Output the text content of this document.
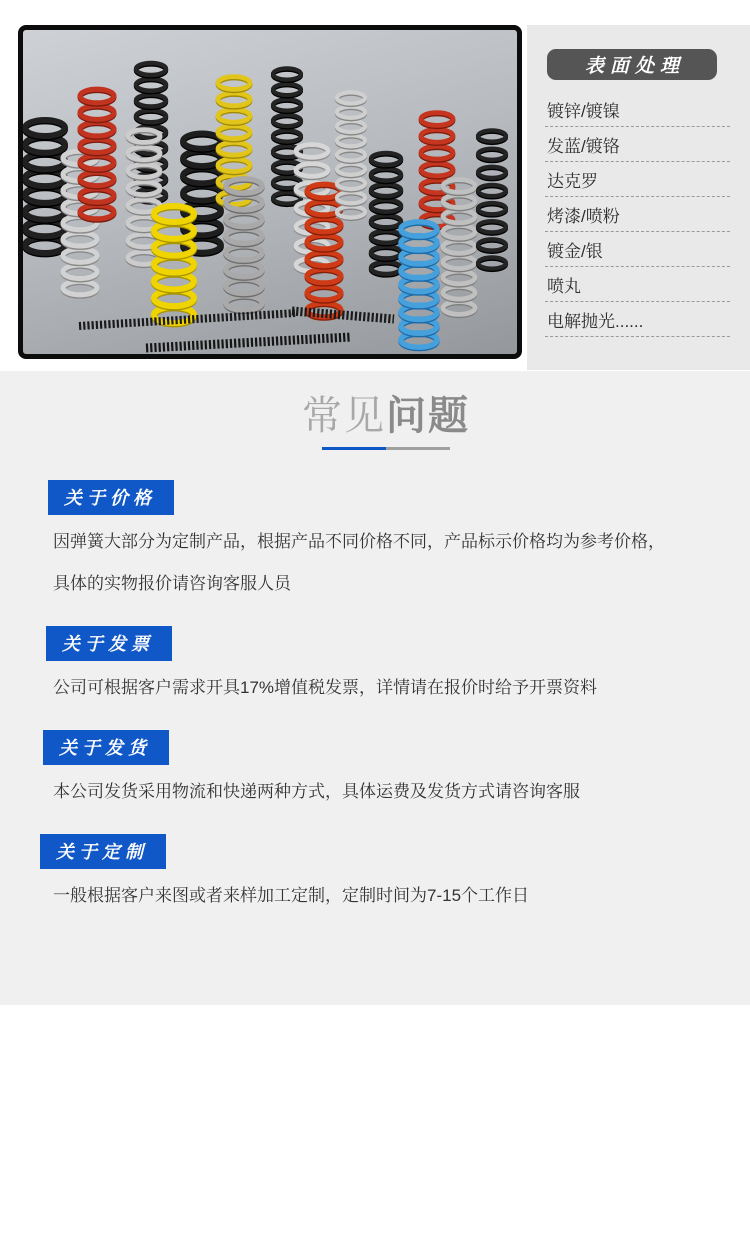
表面处理
镀锌/镀镍
发蓝/镀铬
达克罗
烤漆/喷粉
镀金/银
喷丸
电解抛光......
常见问题
关于价格

因弹簧大部分为定制产品，根据产品不同价格不同，产品标示价格均为参考价格，

具体的实物报价请咨询客服人员

关于发票

公司可根据客户需求开具17%增值税发票，详情请在报价时给予开票资料

关于发货

本公司发货采用物流和快递两种方式，具体运费及发货方式请咨询客服

关于定制

一般根据客户来图或者来样加工定制，定制时间为7-15个工作日
